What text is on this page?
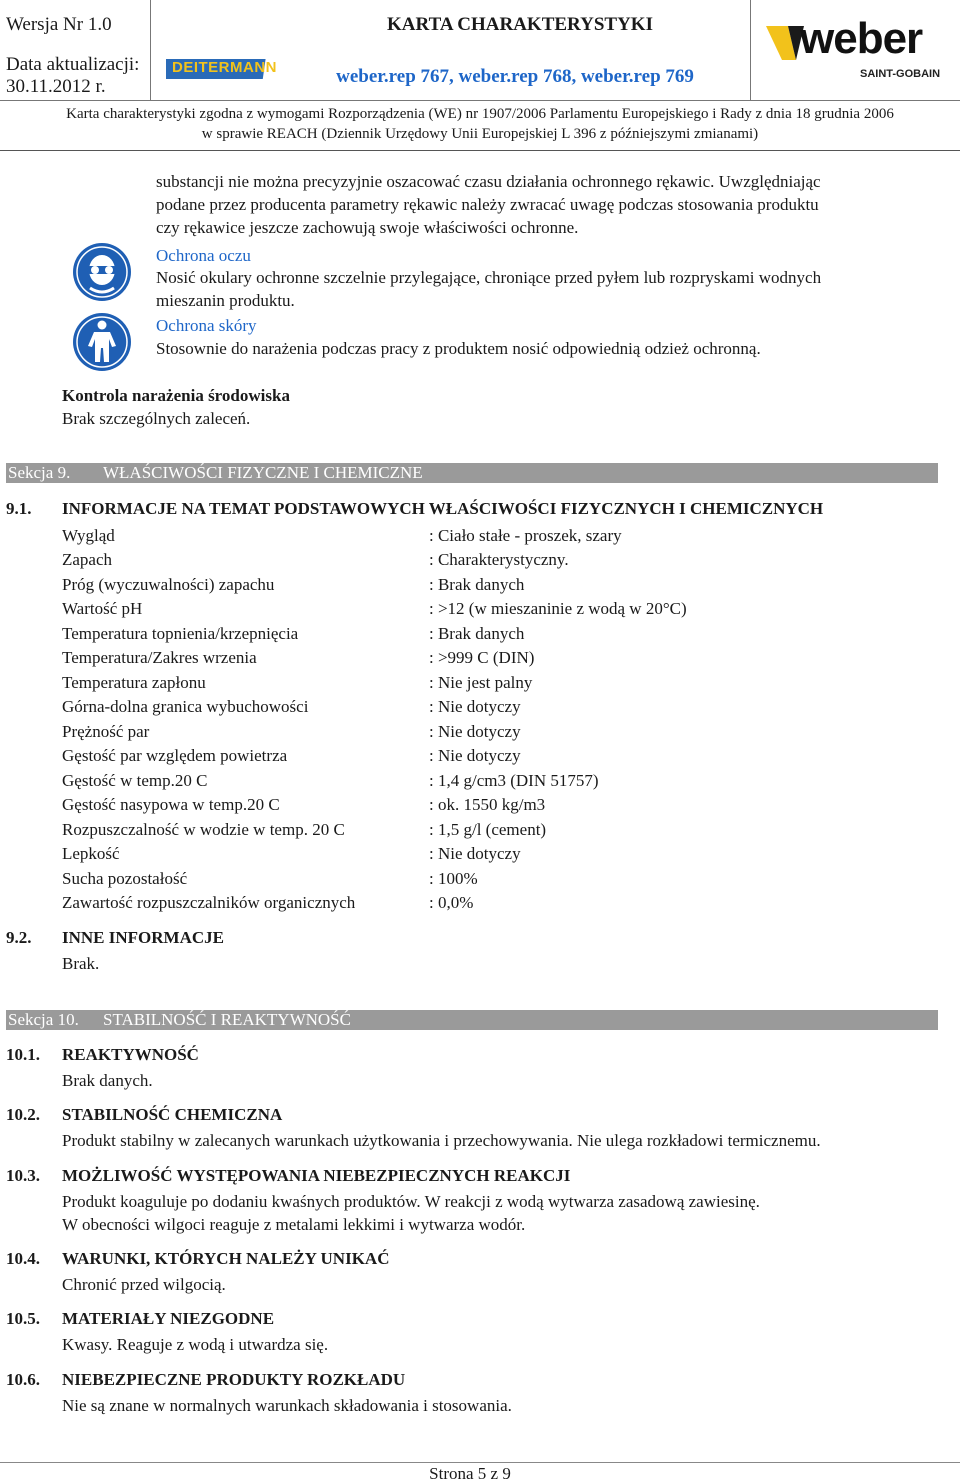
Wersja Nr 1.0
Data aktualizacji:
30.11.2012 r.
DEITERMANN
KARTA CHARAKTERYSTYKI
weber.rep 767, weber.rep 768, weber.rep 769
weber
SAINT-GOBAIN
Karta charakterystyki zgodna z wymogami Rozporządzenia (WE) nr 1907/2006 Parlamentu Europejskiego i Rady z dnia 18 grudnia 2006
w sprawie REACH (Dziennik Urzędowy Unii Europejskiej L 396 z późniejszymi zmianami)
substancji nie można precyzyjnie oszacować czasu działania ochronnego rękawic. Uwzględniając
podane przez producenta parametry rękawic należy zwracać uwagę podczas stosowania produktu
czy rękawice jeszcze zachowują swoje właściwości ochronne.
Ochrona oczu
Nosić okulary ochronne szczelnie przylegające, chroniące przed pyłem lub rozpryskami wodnych
mieszanin produktu.
Ochrona skóry
Stosownie do narażenia podczas pracy z produktem nosić odpowiednią odzież ochronną.
Kontrola narażenia środowiska
Brak szczególnych zaleceń.
Sekcja 9. WŁAŚCIWOŚCI FIZYCZNE I CHEMICZNE
9.1. INFORMACJE NA TEMAT PODSTAWOWYCH WŁAŚCIWOŚCI FIZYCZNYCH I CHEMICZNYCH
Wygląd	: Ciało stałe - proszek, szary
Zapach	: Charakterystyczny.
Próg (wyczuwalności) zapachu	: Brak danych
Wartość pH	: >12 (w mieszaninie z wodą w 20°C)
Temperatura topnienia/krzepnięcia	: Brak danych
Temperatura/Zakres wrzenia	: >999 C (DIN)
Temperatura zapłonu	: Nie jest palny
Górna-dolna granica wybuchowości	: Nie dotyczy
Prężność par	: Nie dotyczy
Gęstość par względem powietrza	: Nie dotyczy
Gęstość w temp.20 C	: 1,4 g/cm3 (DIN 51757)
Gęstość nasypowa w temp.20 C	: ok. 1550 kg/m3
Rozpuszczalność w wodzie w temp. 20 C	: 1,5 g/l (cement)
Lepkość	: Nie dotyczy
Sucha pozostałość	: 100%
Zawartość rozpuszczalników organicznych	: 0,0%
9.2. INNE INFORMACJE
Brak.
Sekcja 10. STABILNOŚĆ I REAKTYWNOŚĆ
10.1. REAKTYWNOŚĆ
Brak danych.
10.2. STABILNOŚĆ CHEMICZNA
Produkt stabilny w zalecanych warunkach użytkowania i przechowywania. Nie ulega rozkładowi termicznemu.
10.3. MOŻLIWOŚĆ WYSTĘPOWANIA NIEBEZPIECZNYCH REAKCJI
Produkt koaguluje po dodaniu kwaśnych produktów. W reakcji z wodą wytwarza zasadową zawiesinę.
W obecności wilgoci reaguje z metalami lekkimi i wytwarza wodór.
10.4. WARUNKI, KTÓRYCH NALEŻY UNIKAĆ
Chronić przed wilgocią.
10.5. MATERIAŁY NIEZGODNE
Kwasy. Reaguje z wodą i utwardza się.
10.6. NIEBEZPIECZNE PRODUKTY ROZKŁADU
Nie są znane w normalnych warunkach składowania i stosowania.
Strona 5 z 9
